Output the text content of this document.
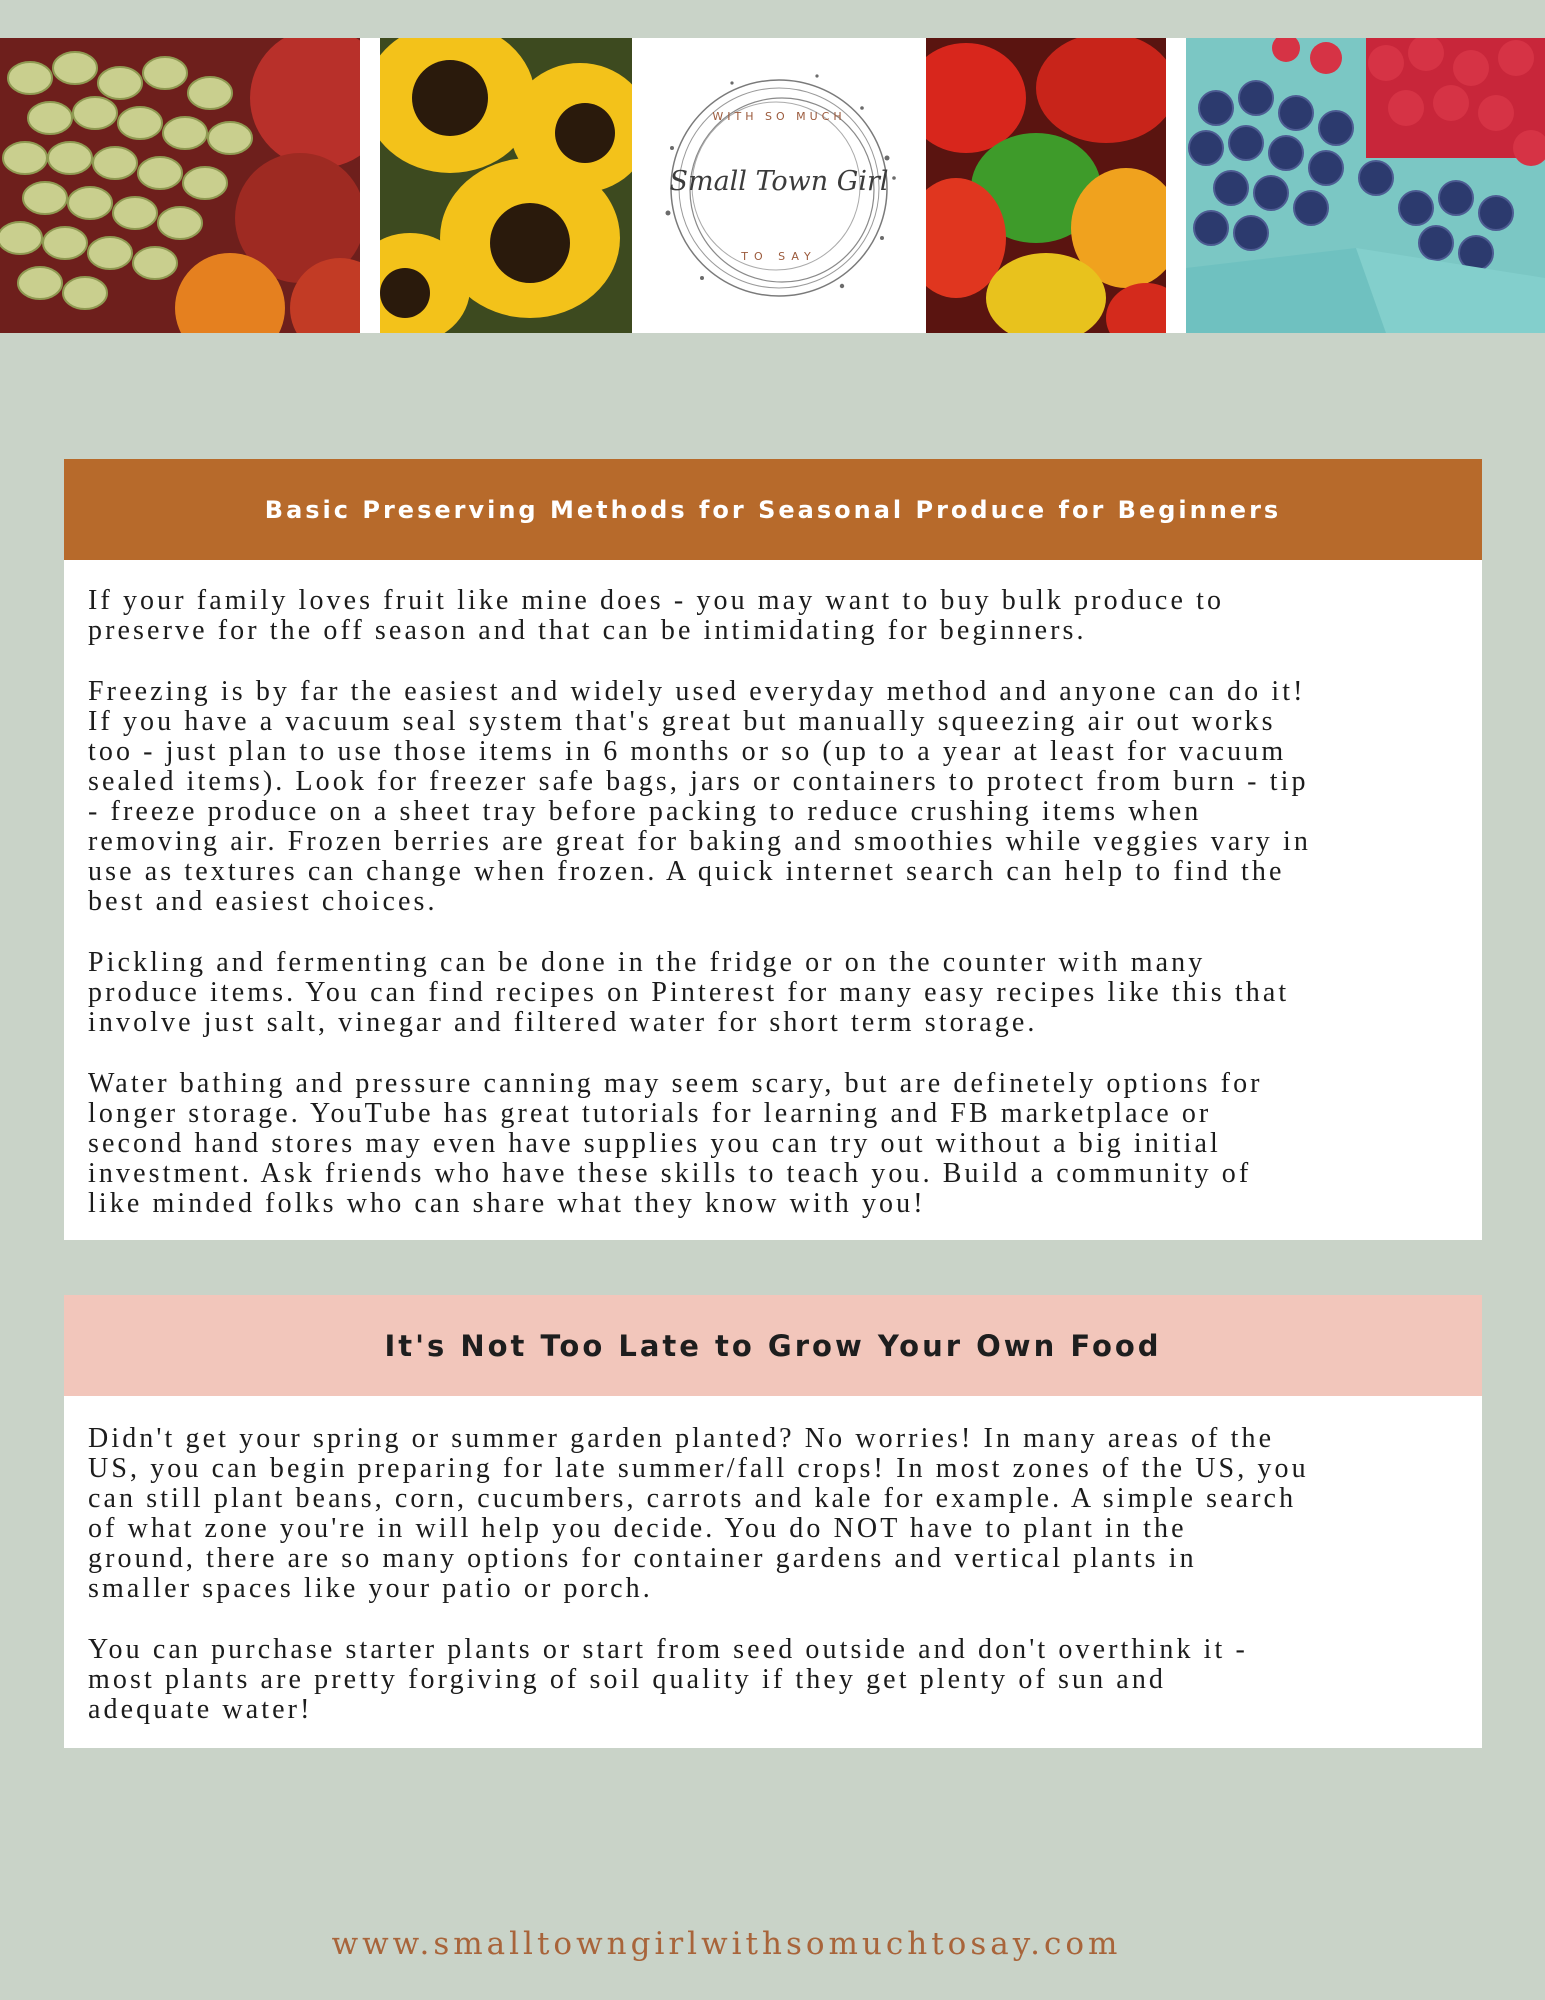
WITH SO MUCH
Small Town Girl
TO SAY
Basic Preserving Methods for Seasonal Produce for Beginners

If your family loves fruit like mine does - you may want to buy bulk produce to
preserve for the off season and that can be intimidating for beginners.

Freezing is by far the easiest and widely used everyday method and anyone can do it!
If you have a vacuum seal system that's great but manually squeezing air out works
too - just plan to use those items in 6 months or so (up to a year at least for vacuum
sealed items). Look for freezer safe bags, jars or containers to protect from burn - tip
- freeze produce on a sheet tray before packing to reduce crushing items when
removing air. Frozen berries are great for baking and smoothies while veggies vary in
use as textures can change when frozen. A quick internet search can help to find the
best and easiest choices.

Pickling and fermenting can be done in the fridge or on the counter with many
produce items. You can find recipes on Pinterest for many easy recipes like this that
involve just salt, vinegar and filtered water for short term storage.

Water bathing and pressure canning may seem scary, but are definetely options for
longer storage. YouTube has great tutorials for learning and FB marketplace or
second hand stores may even have supplies you can try out without a big initial
investment. Ask friends who have these skills to teach you. Build a community of
like minded folks who can share what they know with you!

It's Not Too Late to Grow Your Own Food

Didn't get your spring or summer garden planted? No worries! In many areas of the
US, you can begin preparing for late summer/fall crops! In most zones of the US, you
can still plant beans, corn, cucumbers, carrots and kale for example. A simple search
of what zone you're in will help you decide. You do NOT have to plant in the
ground, there are so many options for container gardens and vertical plants in
smaller spaces like your patio or porch.

You can purchase starter plants or start from seed outside and don't overthink it -
most plants are pretty forgiving of soil quality if they get plenty of sun and
adequate water!

www.smalltowngirlwithsomuchtosay.com
